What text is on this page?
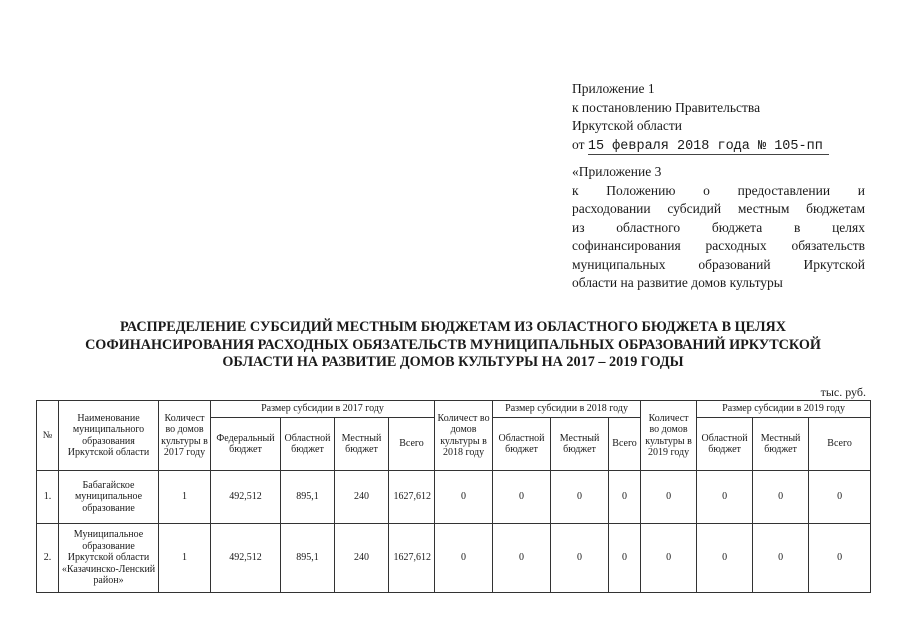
Приложение 1
к постановлению Правительства
Иркутской области
от 15 февраля 2018 года № 105-пп
«Приложение 3
к Положению о предоставлении и
расходовании субсидий местным бюджетам
из областного бюджета в целях
софинансирования расходных обязательств
муниципальных образований Иркутской
области на развитие домов культуры
РАСПРЕДЕЛЕНИЕ СУБСИДИЙ МЕСТНЫМ БЮДЖЕТАМ ИЗ ОБЛАСТНОГО БЮДЖЕТА В ЦЕЛЯХ
СОФИНАНСИРОВАНИЯ РАСХОДНЫХ ОБЯЗАТЕЛЬСТВ МУНИЦИПАЛЬНЫХ ОБРАЗОВАНИЙ ИРКУТСКОЙ
ОБЛАСТИ НА РАЗВИТИЕ ДОМОВ КУЛЬТУРЫ НА 2017 – 2019 ГОДЫ
тыс. руб.
№	Наименование муниципального образования Иркутской области	Количест во домов культуры в 2017 году	Размер субсидии в 2017 году				Количест во домов культуры в 2018 году	Размер субсидии в 2018 году			Количест во домов культуры в 2019 году	Размер субсидии в 2019 году		
			Федеральный бюджет	Областной бюджет	Местный бюджет	Всего		Областной бюджет	Местный бюджет	Всего		Областной бюджет	Местный бюджет	Всего
1.	Бабагайское муниципальное образование	1	492,512	895,1	240	1627,612	0	0	0	0	0	0	0	0
2.	Муниципальное образование Иркутской области «Казачинско-Ленский район»	1	492,512	895,1	240	1627,612	0	0	0	0	0	0	0	0
